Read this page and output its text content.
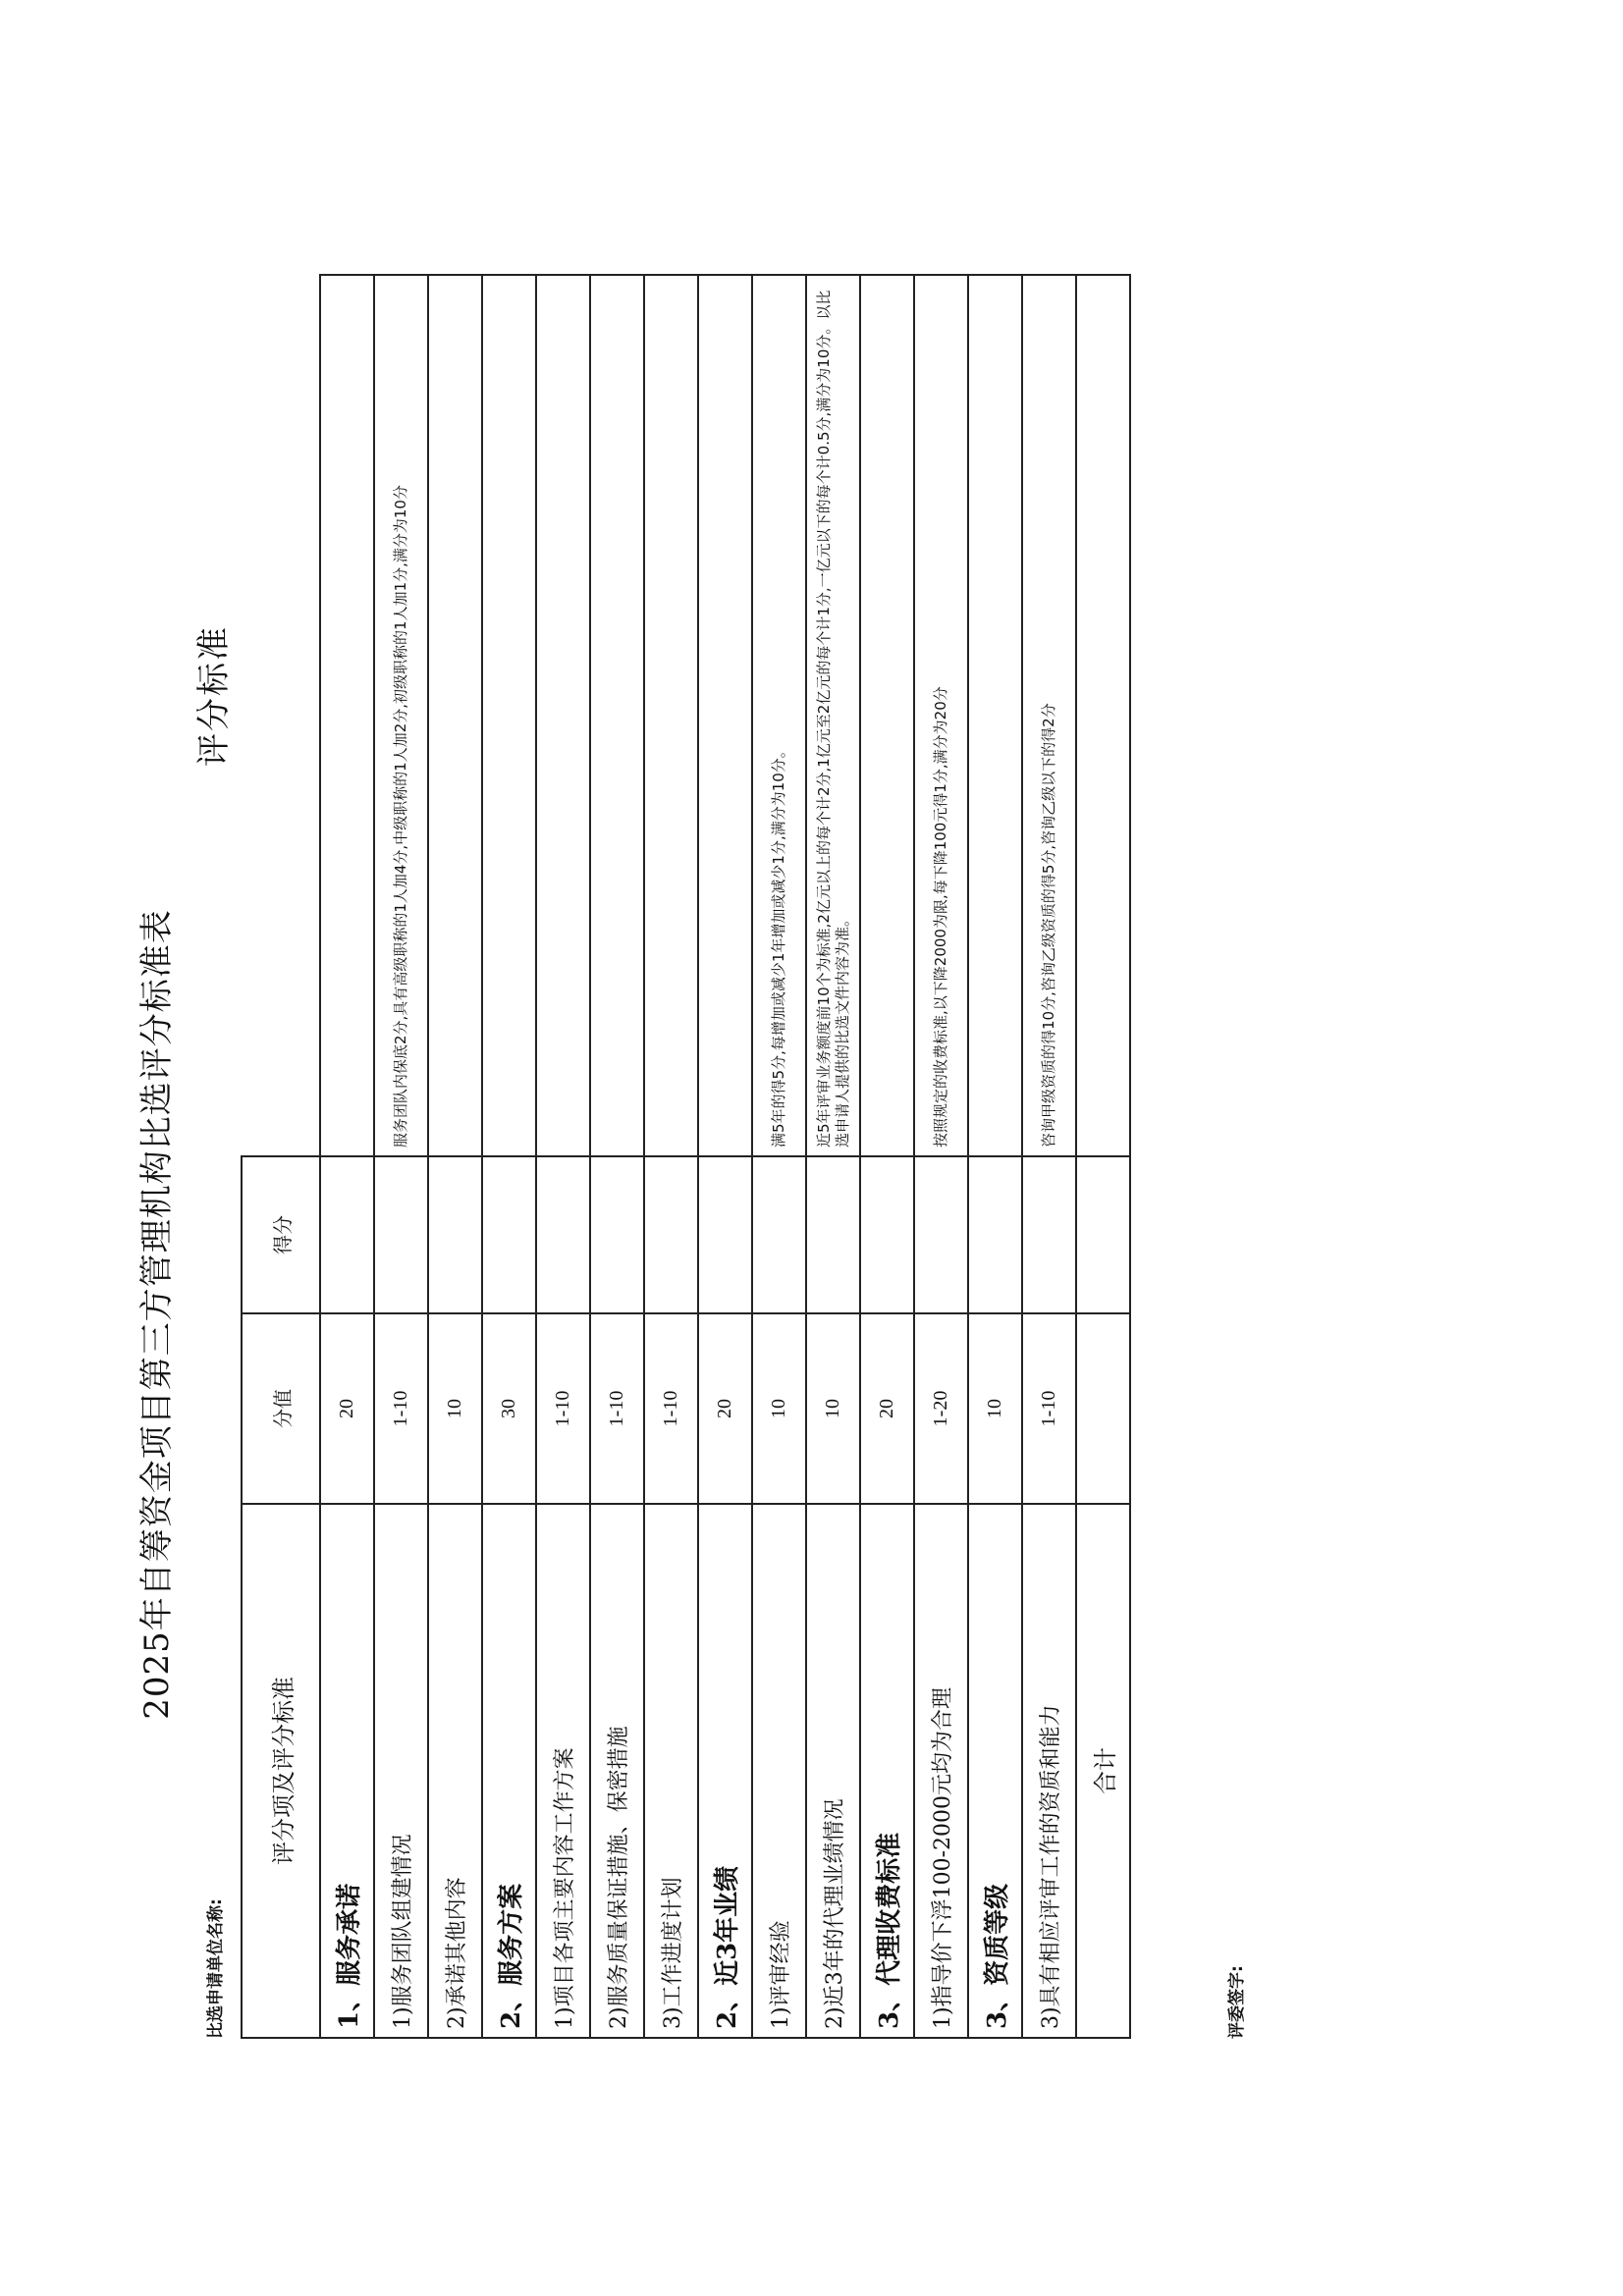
2025年自筹资金项目第三方管理机构比选评分标准表
比选申请单位名称:
评分标准
评分项及评分标准	分值	得分	
1、服务承诺	20		
1)服务团队组建情况	1-10		服务团队内保底2分,具有高级职称的1人加4分,中级职称的1人加2分,初级职称的1人加1分,满分为10分
2)承诺其他内容	10		
2、服务方案	30		
1)项目各项主要内容工作方案	1-10		
2)服务质量保证措施、保密措施	1-10		
3)工作进度计划	1-10		
2、近3年业绩	20		
1)评审经验	10		满5年的得5分,每增加或减少1年增加或减少1分,满分为10分。
2)近3年的代理业绩情况	10		近5年评审业务额度前10个为标准,2亿元以上的每个计2分,1亿元至2亿元的每个计1分,一亿元以下的每个计0.5分,满分为10分。以比选申请人提供的比选文件内容为准。
3、代理收费标准	20		
1)指导价下浮100-2000元均为合理	1-20		按照规定的收费标准,以下降2000为限,每下降100元得1分,满分为20分
3、资质等级	10		
3)具有相应评审工作的资质和能力	1-10		咨询甲级资质的得10分,咨询乙级资质的得5分,咨询乙级以下的得2分
合计			
评委签字:
